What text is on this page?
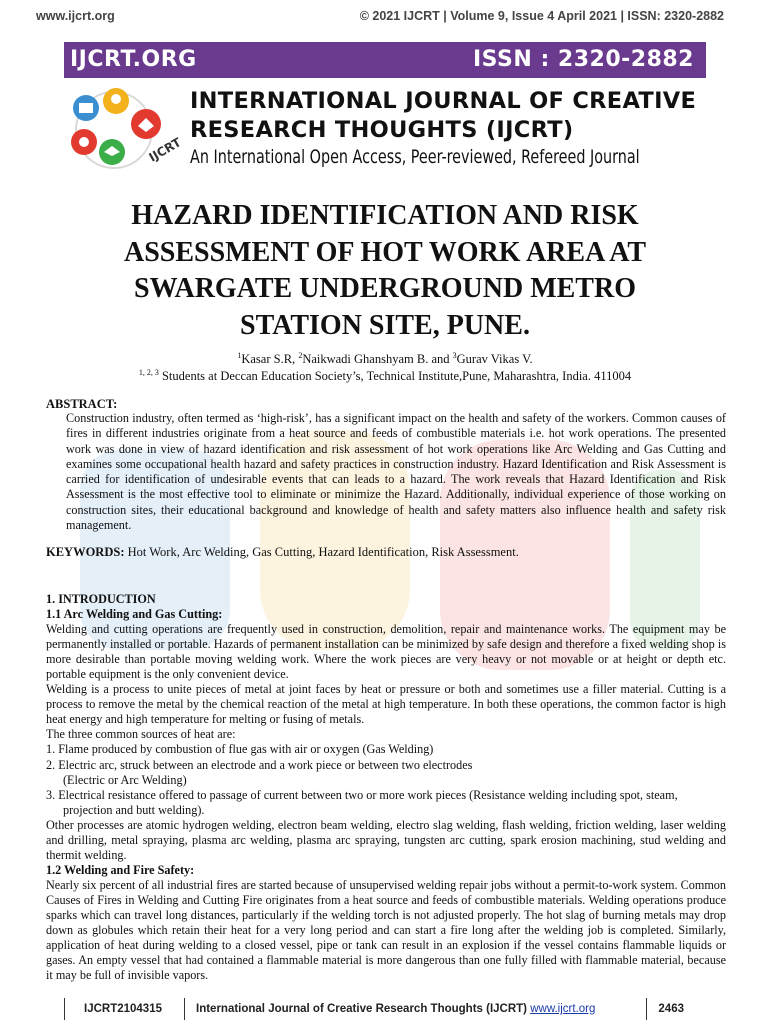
www.ijcrt.org	© 2021 IJCRT | Volume 9, Issue 4 April 2021 | ISSN: 2320-2882
IJCRT.ORG	ISSN : 2320-2882
IJCRT
INTERNATIONAL JOURNAL OF CREATIVE
RESEARCH THOUGHTS (IJCRT)
An International Open Access, Peer-reviewed, Refereed Journal
HAZARD IDENTIFICATION AND RISK
ASSESSMENT OF HOT WORK AREA AT
SWARGATE UNDERGROUND METRO
STATION SITE, PUNE.
$^1$Kasar S.R, $^2$Naikwadi Ghanshyam B. and $^3$Gurav Vikas V.
$^{1, 2, 3}$ Students at Deccan Education Society’s, Technical Institute,Pune, Maharashtra, India. 411004
ABSTRACT:
Construction industry, often termed as ‘high-risk’, has a significant impact on the health and safety of the workers. Common causes of fires in different industries originate from a heat source and feeds of combustible materials i.e. hot work operations. The presented work was done in view of hazard identification and risk assessment of hot work operations like Arc Welding and Gas Cutting and examines some occupational health hazard and safety practices in construction industry. Hazard Identification and Risk Assessment is carried for identification of undesirable events that can leads to a hazard. The work reveals that Hazard Identification and Risk Assessment is the most effective tool to eliminate or minimize the Hazard. Additionally, individual experience of those working on construction sites, their educational background and knowledge of health and safety matters also influence health and safety risk management.
KEYWORDS: Hot Work, Arc Welding, Gas Cutting, Hazard Identification, Risk Assessment.

1. INTRODUCTION

1.1 Arc Welding and Gas Cutting:

Welding and cutting operations are frequently used in construction, demolition, repair and maintenance works. The equipment may be permanently installed or portable. Hazards of permanent installation can be minimized by safe design and therefore a fixed welding shop is more desirable than portable moving welding work. Where the work pieces are very heavy or not movable or at height or depth etc. portable equipment is the only convenient device.

Welding is a process to unite pieces of metal at joint faces by heat or pressure or both and sometimes use a filler material. Cutting is a process to remove the metal by the chemical reaction of the metal at high temperature. In both these operations, the common factor is high heat energy and high temperature for melting or fusing of metals.

The three common sources of heat are:

1. Flame produced by combustion of flue gas with air or oxygen (Gas Welding)

2. Electric arc, struck between an electrode and a work piece or between two electrodes

(Electric or Arc Welding)

3. Electrical resistance offered to passage of current between two or more work pieces (Resistance welding including spot, steam,

projection and butt welding).

Other processes are atomic hydrogen welding, electron beam welding, electro slag welding, flash welding, friction welding, laser welding and drilling, metal spraying, plasma arc welding, plasma arc spraying, tungsten arc cutting, spark erosion machining, stud welding and thermit welding.

1.2 Welding and Fire Safety:

Nearly six percent of all industrial fires are started because of unsupervised welding repair jobs without a permit-to-work system. Common Causes of Fires in Welding and Cutting Fire originates from a heat source and feeds of combustible materials. Welding operations produce sparks which can travel long distances, particularly if the welding torch is not adjusted properly. The hot slag of burning metals may drop down as globules which retain their heat for a very long period and can start a fire long after the welding job is completed. Similarly, application of heat during welding to a closed vessel, pipe or tank can result in an explosion if the vessel contains flammable liquids or gases. An empty vessel that had contained a flammable material is more dangerous than one fully filled with flammable material, because it may be full of invisible vapors.

IJCRT2104315	International Journal of Creative Research Thoughts (IJCRT) www.ijcrt.org	2463
